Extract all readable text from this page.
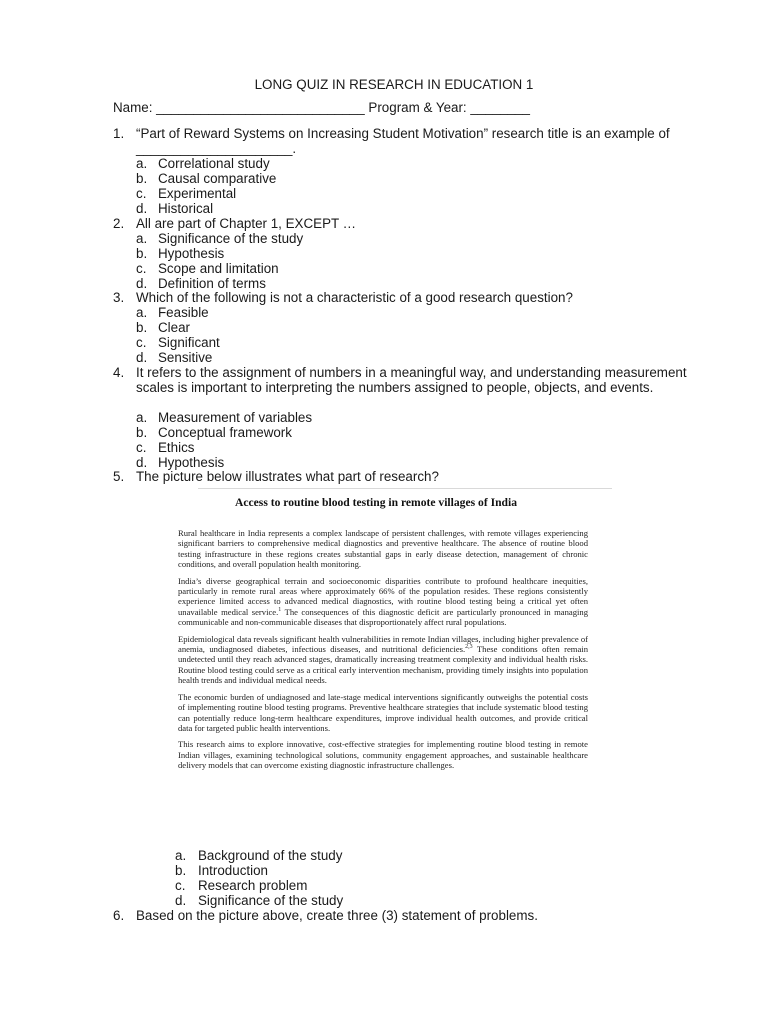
LONG QUIZ IN RESEARCH IN EDUCATION 1
Name: ____________________________ Program & Year: ________
1. “Part of Reward Systems on Increasing Student Motivation” research title is an example of _____________________.
a. Correlational study
b. Causal comparative
c. Experimental
d. Historical
2. All are part of Chapter 1, EXCEPT …
a. Significance of the study
b. Hypothesis
c. Scope and limitation
d. Definition of terms
3. Which of the following is not a characteristic of a good research question?
a. Feasible
b. Clear
c. Significant
d. Sensitive
4. It refers to the assignment of numbers in a meaningful way, and understanding measurement scales is important to interpreting the numbers assigned to people, objects, and events.
a. Measurement of variables
b. Conceptual framework
c. Ethics
d. Hypothesis
5. The picture below illustrates what part of research?
Access to routine blood testing in remote villages of India

Rural healthcare in India represents a complex landscape of persistent challenges, with remote villages experiencing significant barriers to comprehensive medical diagnostics and preventive healthcare. The absence of routine blood testing infrastructure in these regions creates substantial gaps in early disease detection, management of chronic conditions, and overall population health monitoring.

India’s diverse geographical terrain and socioeconomic disparities contribute to profound healthcare inequities, particularly in remote rural areas where approximately 66% of the population resides. These regions consistently experience limited access to advanced medical diagnostics, with routine blood testing being a critical yet often unavailable medical service.$^1$ The consequences of this diagnostic deficit are particularly pronounced in managing communicable and non-communicable diseases that disproportionately affect rural populations.

Epidemiological data reveals significant health vulnerabilities in remote Indian villages, including higher prevalence of anemia, undiagnosed diabetes, infectious diseases, and nutritional deficiencies.$^{2,3}$ These conditions often remain undetected until they reach advanced stages, dramatically increasing treatment complexity and individual health risks. Routine blood testing could serve as a critical early intervention mechanism, providing timely insights into population health trends and individual medical needs.

The economic burden of undiagnosed and late-stage medical interventions significantly outweighs the potential costs of implementing routine blood testing programs. Preventive healthcare strategies that include systematic blood testing can potentially reduce long-term healthcare expenditures, improve individual health outcomes, and provide critical data for targeted public health interventions.

This research aims to explore innovative, cost-effective strategies for implementing routine blood testing in remote Indian villages, examining technological solutions, community engagement approaches, and sustainable healthcare delivery models that can overcome existing diagnostic infrastructure challenges.

a. Background of the study
b. Introduction
c. Research problem
d. Significance of the study
6. Based on the picture above, create three (3) statement of problems.
